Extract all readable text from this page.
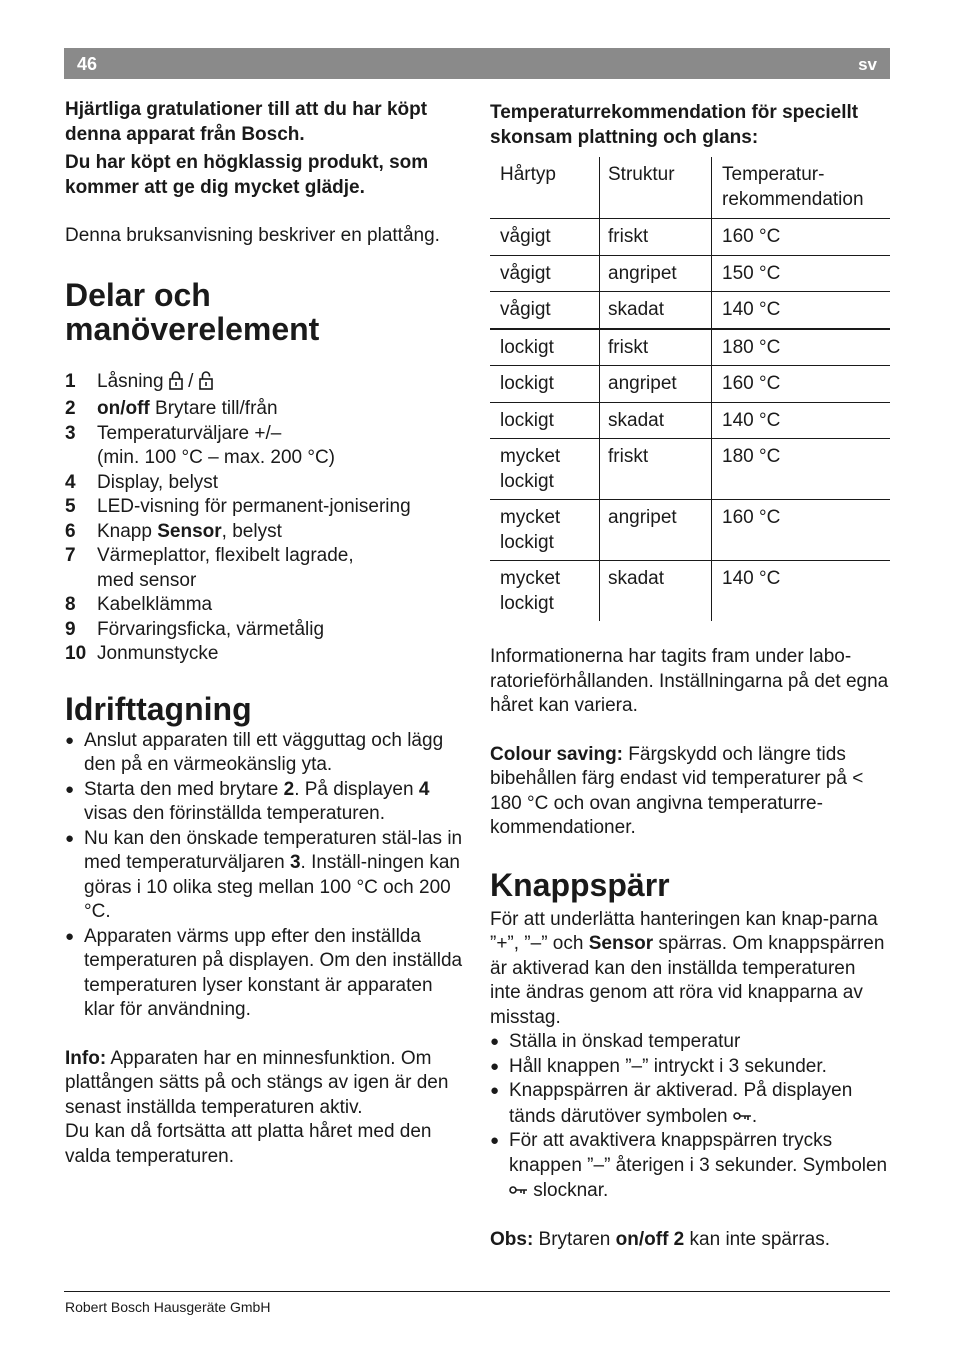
46	sv

Hjärtliga gratulationer till att du har köpt denna apparat från Bosch.

Du har köpt en högklassig produkt, som kommer att ge dig mycket glädje.

Denna bruksanvisning beskriver en plattång.

Delar och manöverelement
1 Låsning /
2 on/off Brytare till/från
3 Temperaturväljare +/–
(min. 100 °C – max. 200 °C)
4 Display, belyst
5 LED-visning för permanent-jonisering
6 Knapp Sensor, belyst
7 Värmeplattor, flexibelt lagrade,
med sensor
8 Kabelklämma
9 Förvaringsficka, värmetålig
10 Jonmunstycke
Idrifttagning
● Anslut apparaten till ett vägguttag och lägg den på en värmeokänslig yta.
● Starta den med brytare 2. På displayen 4 visas den förinställda temperaturen.
● Nu kan den önskade temperaturen stäl-las in med temperaturväljaren 3. Inställ-ningen kan göras i 10 olika steg mellan 100 °C och 200 °C.
● Apparaten värms upp efter den inställda temperaturen på displayen. Om den inställda temperaturen lyser konstant är apparaten klar för användning.

Info: Apparaten har en minnesfunktion. Om plattången sätts på och stängs av igen är den senast inställda temperaturen aktiv.

Du kan då fortsätta att platta håret med den valda temperaturen.

Temperaturrekommendation för speciellt skonsam plattning och glans:

Hårtyp	Struktur	Temperatur-rekommendation
vågigt	friskt	160 °C
vågigt	angripet	150 °C
vågigt	skadat	140 °C
lockigt	friskt	180 °C
lockigt	angripet	160 °C
lockigt	skadat	140 °C
mycket lockigt	friskt	180 °C
mycket lockigt	angripet	160 °C
mycket lockigt	skadat	140 °C

Informationerna har tagits fram under labo-ratorieförhållanden. Inställningarna på det egna håret kan variera.

Colour saving: Färgskydd och längre tids bibehållen färg endast vid temperaturer på < 180 °C och ovan angivna temperaturre-kommendationer.

Knappspärr

För att underlätta hanteringen kan knap-parna ”+”, ”–” och Sensor spärras. Om knappspärren är aktiverad kan den inställda temperaturen inte ändras genom att röra vid knapparna av misstag.

● Ställa in önskad temperatur
● Håll knappen ”–” intryckt i 3 sekunder.
● Knappspärren är aktiverad. På displayen tänds därutöver symbolen .
● För att avaktivera knappspärren trycks knappen ”–” återigen i 3 sekunder. Symbolen  slocknar.

Obs: Brytaren on/off 2 kan inte spärras.

Robert Bosch Hausgeräte GmbH
